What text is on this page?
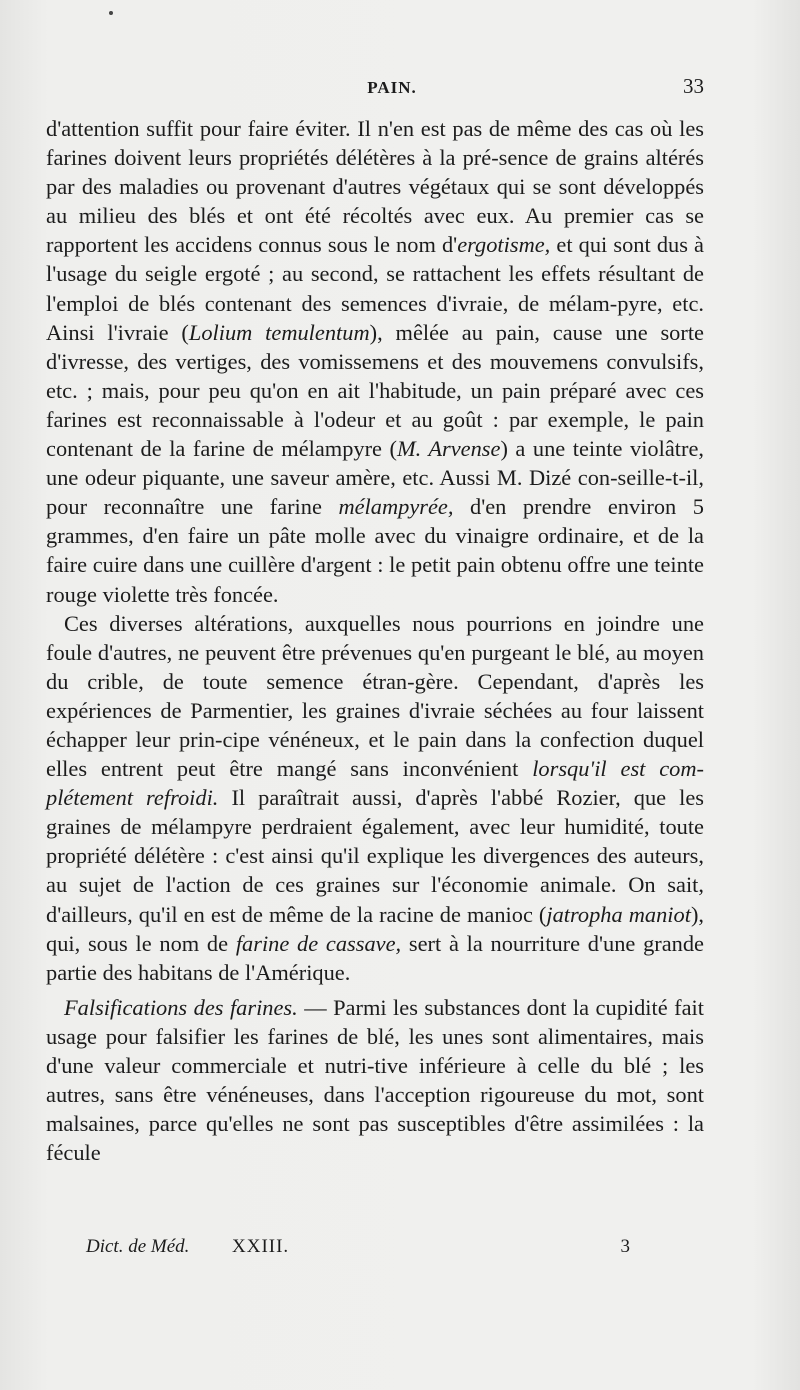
PAIN.	33

d'attention suffit pour faire éviter. Il n'en est pas de même des cas où les farines doivent leurs propriétés délétères à la pré-sence de grains altérés par des maladies ou provenant d'autres végétaux qui se sont développés au milieu des blés et ont été récoltés avec eux. Au premier cas se rapportent les accidens connus sous le nom d'ergotisme, et qui sont dus à l'usage du seigle ergoté ; au second, se rattachent les effets résultant de l'emploi de blés contenant des semences d'ivraie, de mélam-pyre, etc. Ainsi l'ivraie (Lolium temulentum), mêlée au pain, cause une sorte d'ivresse, des vertiges, des vomissemens et des mouvemens convulsifs, etc. ; mais, pour peu qu'on en ait l'habitude, un pain préparé avec ces farines est reconnaissable à l'odeur et au goût : par exemple, le pain contenant de la farine de mélampyre (M. Arvense) a une teinte violâtre, une odeur piquante, une saveur amère, etc. Aussi M. Dizé con-seille-t-il, pour reconnaître une farine mélampyrée, d'en prendre environ 5 grammes, d'en faire un pâte molle avec du vinaigre ordinaire, et de la faire cuire dans une cuillère d'argent : le petit pain obtenu offre une teinte rouge violette très foncée.

Ces diverses altérations, auxquelles nous pourrions en joindre une foule d'autres, ne peuvent être prévenues qu'en purgeant le blé, au moyen du crible, de toute semence étran-gère. Cependant, d'après les expériences de Parmentier, les graines d'ivraie séchées au four laissent échapper leur prin-cipe vénéneux, et le pain dans la confection duquel elles entrent peut être mangé sans inconvénient lorsqu'il est com-plétement refroidi. Il paraîtrait aussi, d'après l'abbé Rozier, que les graines de mélampyre perdraient également, avec leur humidité, toute propriété délétère : c'est ainsi qu'il explique les divergences des auteurs, au sujet de l'action de ces graines sur l'économie animale. On sait, d'ailleurs, qu'il en est de même de la racine de manioc (jatropha maniot), qui, sous le nom de farine de cassave, sert à la nourriture d'une grande partie des habitans de l'Amérique.

Falsifications des farines. — Parmi les substances dont la cupidité fait usage pour falsifier les farines de blé, les unes sont alimentaires, mais d'une valeur commerciale et nutri-tive inférieure à celle du blé ; les autres, sans être vénéneuses, dans l'acception rigoureuse du mot, sont malsaines, parce qu'elles ne sont pas susceptibles d'être assimilées : la fécule

Dict. de Méd. XXIII.	3
